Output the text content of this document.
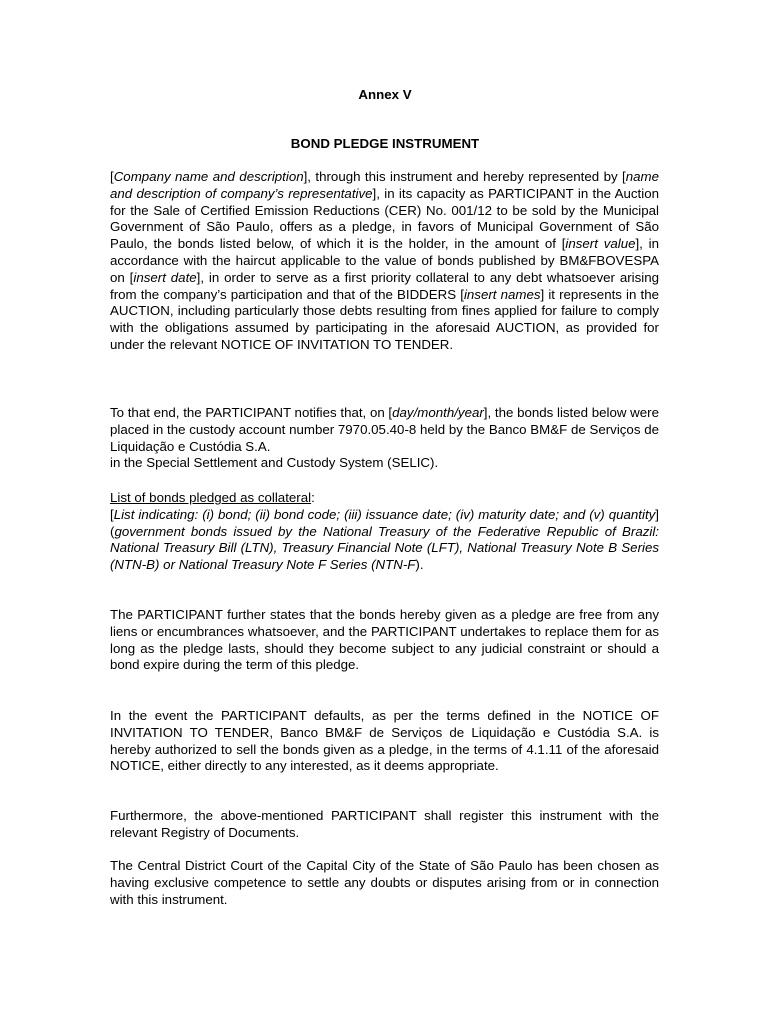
Annex V
BOND PLEDGE INSTRUMENT

[Company name and description], through this instrument and hereby represented by [name and description of company’s representative], in its capacity as PARTICIPANT in the Auction for the Sale of Certified Emission Reductions (CER) No. 001/12 to be sold by the Municipal Government of São Paulo, offers as a pledge, in favors of Municipal Government of São Paulo, the bonds listed below, of which it is the holder, in the amount of [insert value], in accordance with the haircut applicable to the value of bonds published by BM&FBOVESPA on [insert date], in order to serve as a first priority collateral to any debt whatsoever arising from the company’s participation and that of the BIDDERS [insert names] it represents in the AUCTION, including particularly those debts resulting from fines applied for failure to comply with the obligations assumed by participating in the aforesaid AUCTION, as provided for under the relevant NOTICE OF INVITATION TO TENDER.

To that end, the PARTICIPANT notifies that, on [day/month/year], the bonds listed below were placed in the custody account number 7970.05.40-8 held by the Banco BM&F de Serviços de Liquidação e Custódia S.A.
in the Special Settlement and Custody System (SELIC).

List of bonds pledged as collateral:
[List indicating: (i) bond; (ii) bond code; (iii) issuance date; (iv) maturity date; and (v) quantity] (government bonds issued by the National Treasury of the Federative Republic of Brazil: National Treasury Bill (LTN), Treasury Financial Note (LFT), National Treasury Note B Series (NTN-B) or National Treasury Note F Series (NTN-F).

The PARTICIPANT further states that the bonds hereby given as a pledge are free from any liens or encumbrances whatsoever, and the PARTICIPANT undertakes to replace them for as long as the pledge lasts, should they become subject to any judicial constraint or should a bond expire during the term of this pledge.

In the event the PARTICIPANT defaults, as per the terms defined in the NOTICE OF INVITATION TO TENDER, Banco BM&F de Serviços de Liquidação e Custódia S.A. is hereby authorized to sell the bonds given as a pledge, in the terms of 4.1.11 of the aforesaid NOTICE, either directly to any interested, as it deems appropriate.

Furthermore, the above-mentioned PARTICIPANT shall register this instrument with the relevant Registry of Documents.

The Central District Court of the Capital City of the State of São Paulo has been chosen as having exclusive competence to settle any doubts or disputes arising from or in connection with this instrument.
